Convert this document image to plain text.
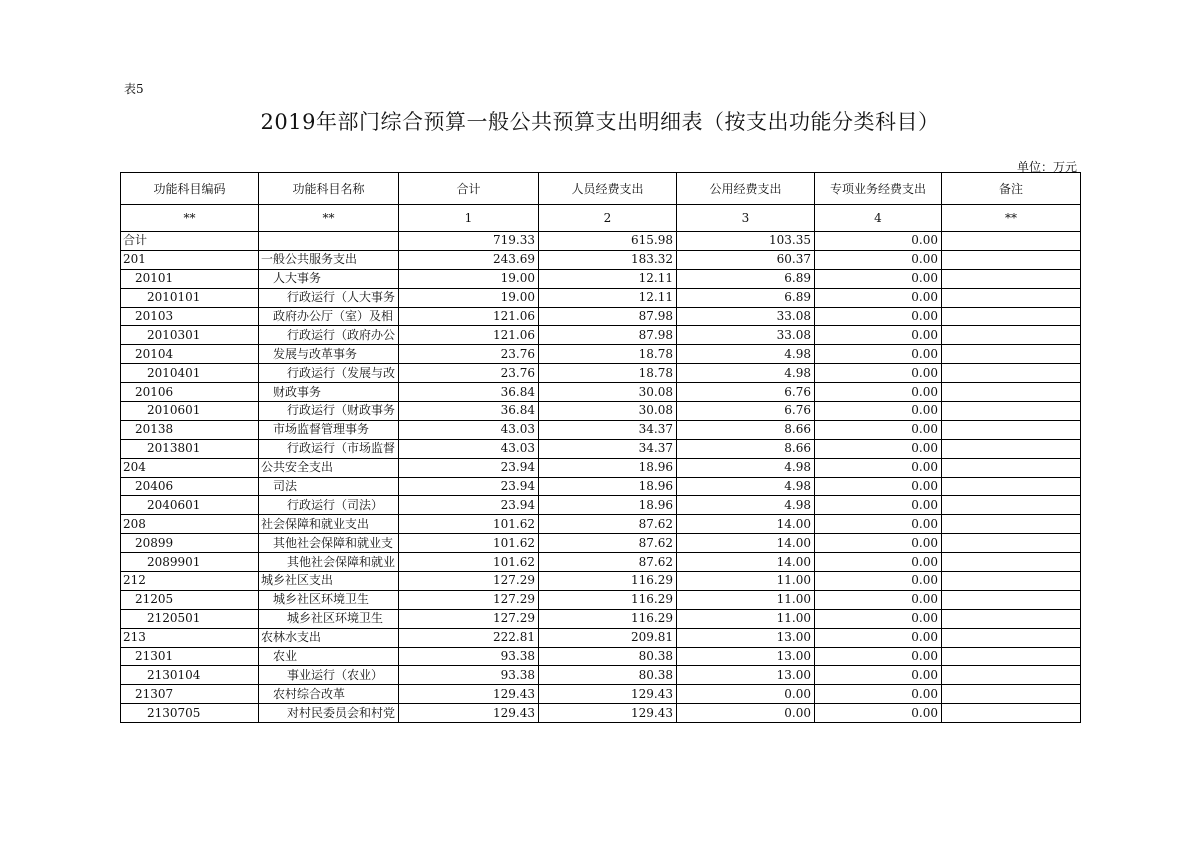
表5
2019年部门综合预算一般公共预算支出明细表（按支出功能分类科目）
单位：万元
功能科目编码	功能科目名称	合计	人员经费支出	公用经费支出	专项业务经费支出	备注
**	**	1	2	3	4	**
合计		719.33	615.98	103.35	0.00	
201	一般公共服务支出	243.69	183.32	60.37	0.00	
20101	人大事务	19.00	12.11	6.89	0.00	
2010101	行政运行（人大事务	19.00	12.11	6.89	0.00	
20103	政府办公厅（室）及相	121.06	87.98	33.08	0.00	
2010301	行政运行（政府办公	121.06	87.98	33.08	0.00	
20104	发展与改革事务	23.76	18.78	4.98	0.00	
2010401	行政运行（发展与改	23.76	18.78	4.98	0.00	
20106	财政事务	36.84	30.08	6.76	0.00	
2010601	行政运行（财政事务	36.84	30.08	6.76	0.00	
20138	市场监督管理事务	43.03	34.37	8.66	0.00	
2013801	行政运行（市场监督	43.03	34.37	8.66	0.00	
204	公共安全支出	23.94	18.96	4.98	0.00	
20406	司法	23.94	18.96	4.98	0.00	
2040601	行政运行（司法）	23.94	18.96	4.98	0.00	
208	社会保障和就业支出	101.62	87.62	14.00	0.00	
20899	其他社会保障和就业支	101.62	87.62	14.00	0.00	
2089901	其他社会保障和就业	101.62	87.62	14.00	0.00	
212	城乡社区支出	127.29	116.29	11.00	0.00	
21205	城乡社区环境卫生	127.29	116.29	11.00	0.00	
2120501	城乡社区环境卫生	127.29	116.29	11.00	0.00	
213	农林水支出	222.81	209.81	13.00	0.00	
21301	农业	93.38	80.38	13.00	0.00	
2130104	事业运行（农业）	93.38	80.38	13.00	0.00	
21307	农村综合改革	129.43	129.43	0.00	0.00	
2130705	对村民委员会和村党	129.43	129.43	0.00	0.00	
